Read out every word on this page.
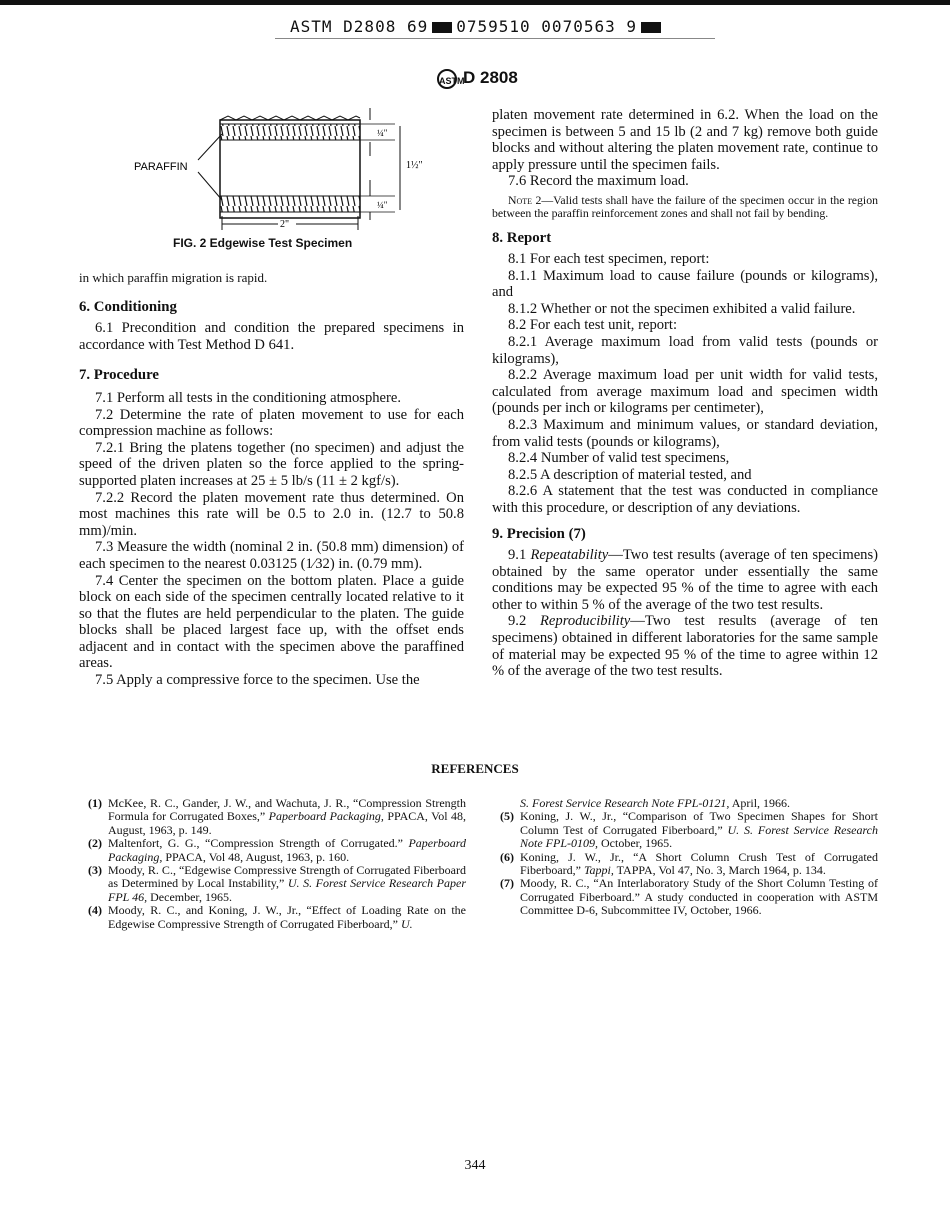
ASTM D2808 69 0759510 0070563 9
ASTMD 2808
PARAFFIN
¼"
1½"
¼"
2"
FIG. 2 Edgewise Test Specimen

in which paraffin migration is rapid.

6. Conditioning

6.1 Precondition and condition the prepared specimens in accordance with Test Method D 641.

7. Procedure

7.1 Perform all tests in the conditioning atmosphere.

7.2 Determine the rate of platen movement to use for each compression machine as follows:

7.2.1 Bring the platens together (no specimen) and adjust the speed of the driven platen so the force applied to the spring-supported platen increases at 25 ± 5 lb/s (11 ± 2 kgf/s).

7.2.2 Record the platen movement rate thus determined. On most machines this rate will be 0.5 to 2.0 in. (12.7 to 50.8 mm)/min.

7.3 Measure the width (nominal 2 in. (50.8 mm) dimension) of each specimen to the nearest 0.03125 (1⁄32) in. (0.79 mm).

7.4 Center the specimen on the bottom platen. Place a guide block on each side of the specimen centrally located relative to it so that the flutes are held perpendicular to the platen. The guide blocks shall be placed largest face up, with the offset ends adjacent and in contact with the specimen above the paraffined areas.

7.5 Apply a compressive force to the specimen. Use the

platen movement rate determined in 6.2. When the load on the specimen is between 5 and 15 lb (2 and 7 kg) remove both guide blocks and without altering the platen movement rate, continue to apply pressure until the specimen fails.

7.6 Record the maximum load.

Note 2—Valid tests shall have the failure of the specimen occur in the region between the paraffin reinforcement zones and shall not fail by bending.

8. Report

8.1 For each test specimen, report:

8.1.1 Maximum load to cause failure (pounds or kilograms), and

8.1.2 Whether or not the specimen exhibited a valid failure.

8.2 For each test unit, report:

8.2.1 Average maximum load from valid tests (pounds or kilograms),

8.2.2 Average maximum load per unit width for valid tests, calculated from average maximum load and specimen width (pounds per inch or kilograms per centimeter),

8.2.3 Maximum and minimum values, or standard deviation, from valid tests (pounds or kilograms),

8.2.4 Number of valid test specimens,

8.2.5 A description of material tested, and

8.2.6 A statement that the test was conducted in compliance with this procedure, or description of any deviations.

9. Precision (7)

9.1 Repeatability—Two test results (average of ten specimens) obtained by the same operator under essentially the same conditions may be expected 95 % of the time to agree with each other to within 5 % of the average of the two test results.

9.2 Reproducibility—Two test results (average of ten specimens) obtained in different laboratories for the same sample of material may be expected 95 % of the time to agree within 12 % of the average of the two test results.

REFERENCES
(1) McKee, R. C., Gander, J. W., and Wachuta, J. R., “Compression Strength Formula for Corrugated Boxes,” Paperboard Packaging, PPACA, Vol 48, August, 1963, p. 149.
(2) Maltenfort, G. G., “Compression Strength of Corrugated.” Paperboard Packaging, PPACA, Vol 48, August, 1963, p. 160.
(3) Moody, R. C., “Edgewise Compressive Strength of Corrugated Fiberboard as Determined by Local Instability,” U. S. Forest Service Research Paper FPL 46, December, 1965.
(4) Moody, R. C., and Koning, J. W., Jr., “Effect of Loading Rate on the Edgewise Compressive Strength of Corrugated Fiberboard,” U.
S. Forest Service Research Note FPL-0121, April, 1966.
(5) Koning, J. W., Jr., “Comparison of Two Specimen Shapes for Short Column Test of Corrugated Fiberboard,” U. S. Forest Service Research Note FPL-0109, October, 1965.
(6) Koning, J. W., Jr., “A Short Column Crush Test of Corrugated Fiberboard,” Tappi, TAPPA, Vol 47, No. 3, March 1964, p. 134.
(7) Moody, R. C., “An Interlaboratory Study of the Short Column Testing of Corrugated Fiberboard.” A study conducted in cooperation with ASTM Committee D-6, Subcommittee IV, October, 1966.
344
